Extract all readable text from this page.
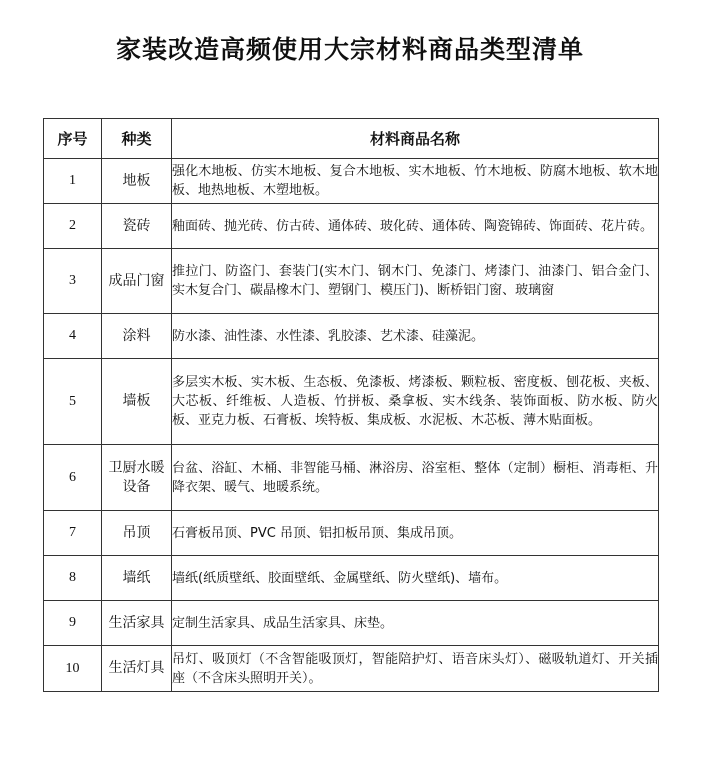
家装改造高频使用大宗材料商品类型清单
序号	种类	材料商品名称
1	地板	强化木地板、仿实木地板、复合木地板、实木地板、竹木地板、防腐木地板、软木地板、地热地板、木塑地板。
2	瓷砖	釉面砖、抛光砖、仿古砖、通体砖、玻化砖、通体砖、陶瓷锦砖、饰面砖、花片砖。
3	成品门窗	推拉门、防盗门、套装门(实木门、钢木门、免漆门、烤漆门、油漆门、铝合金门、实木复合门、碳晶橡木门、塑钢门、模压门)、断桥铝门窗、玻璃窗
4	涂料	防水漆、油性漆、水性漆、乳胶漆、艺术漆、硅藻泥。
5	墙板	多层实木板、实木板、生态板、免漆板、烤漆板、颗粒板、密度板、刨花板、夹板、大芯板、纤维板、人造板、竹拼板、桑拿板、实木线条、装饰面板、防水板、防火板、亚克力板、石膏板、埃特板、集成板、水泥板、木芯板、薄木贴面板。
6	卫厨水暖设备	台盆、浴缸、木桶、非智能马桶、淋浴房、浴室柜、整体（定制）橱柜、消毒柜、升降衣架、暖气、地暖系统。
7	吊顶	石膏板吊顶、PVC 吊顶、铝扣板吊顶、集成吊顶。
8	墙纸	墙纸(纸质壁纸、胶面壁纸、金属壁纸、防火壁纸)、墙布。
9	生活家具	定制生活家具、成品生活家具、床垫。
10	生活灯具	吊灯、吸顶灯（不含智能吸顶灯，智能陪护灯、语音床头灯）、磁吸轨道灯、开关插座（不含床头照明开关）。
